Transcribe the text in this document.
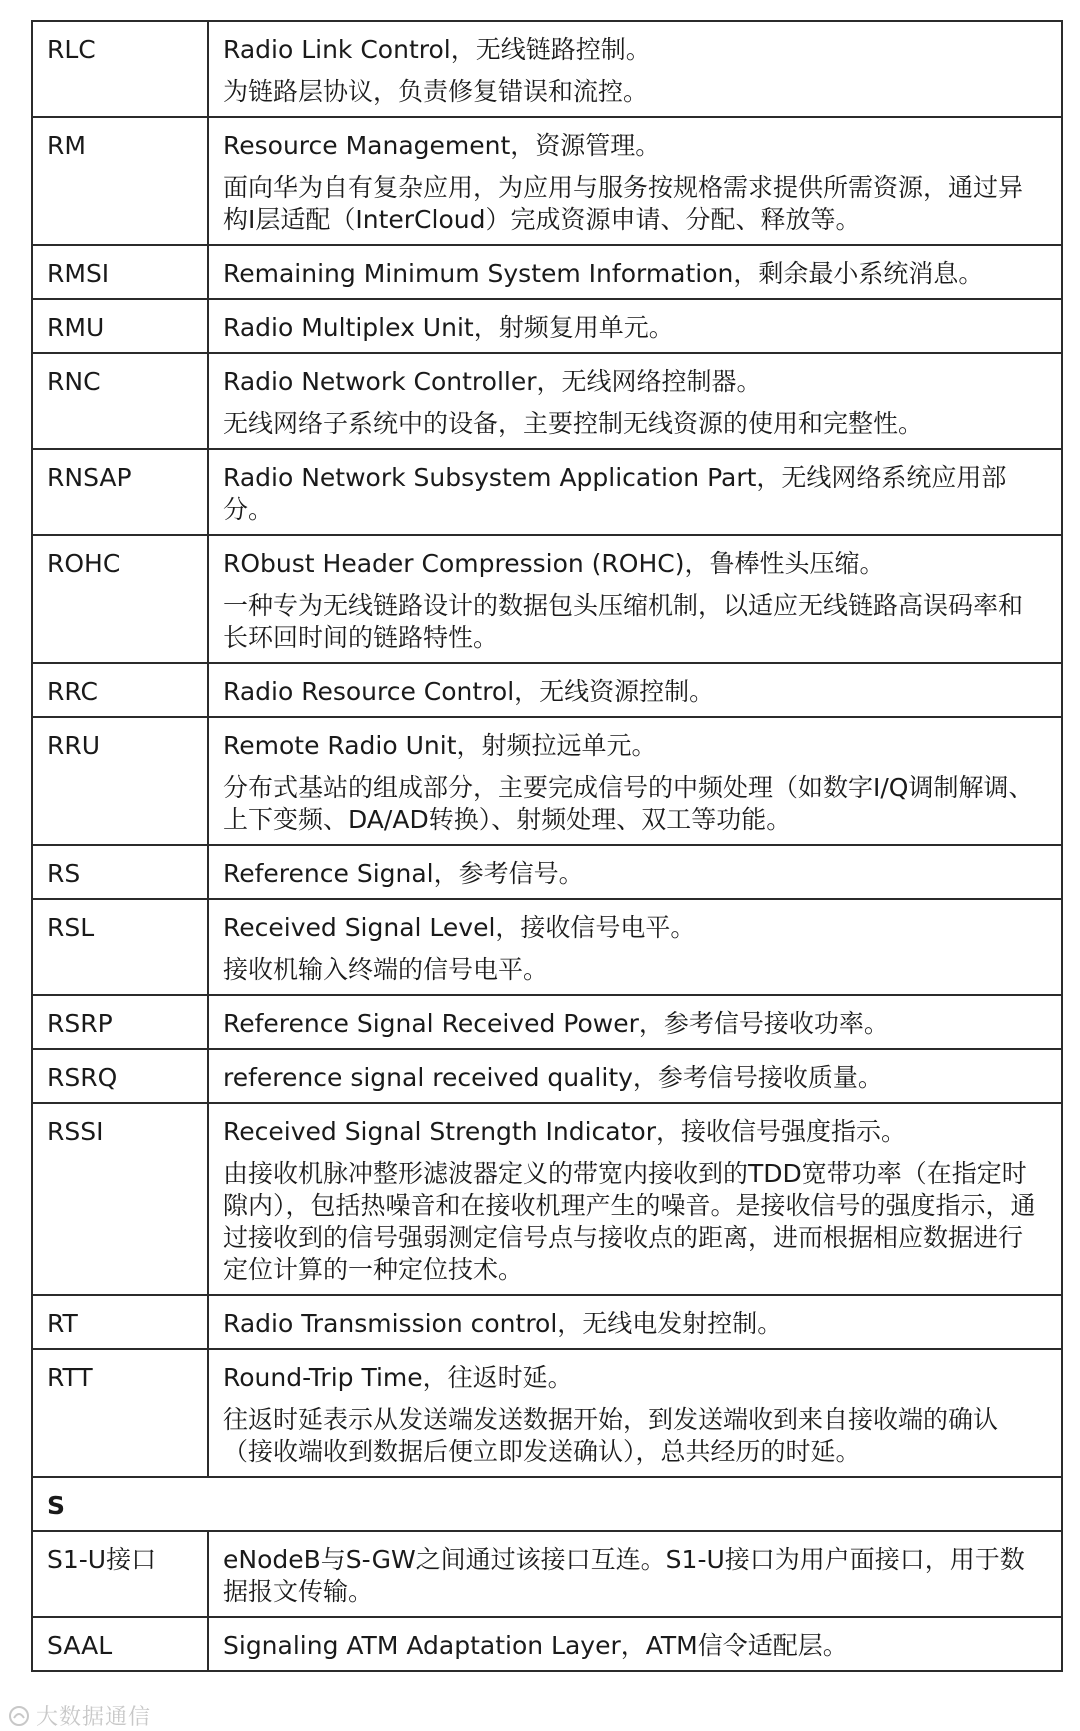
RLC	Radio Link Control，无线链路控制。

为链路层协议，负责修复错误和流控。

RM	Resource Management，资源管理。

面向华为自有复杂应用，为应用与服务按规格需求提供所需资源，通过异构I层适配（InterCloud）完成资源申请、分配、释放等。

RMSI	Remaining Minimum System Information，剩余最小系统消息。

RMU	Radio Multiplex Unit，射频复用单元。

RNC	Radio Network Controller，无线网络控制器。

无线网络子系统中的设备，主要控制无线资源的使用和完整性。

RNSAP	Radio Network Subsystem Application Part，无线网络系统应用部分。

ROHC	RObust Header Compression (ROHC)，鲁棒性头压缩。

一种专为无线链路设计的数据包头压缩机制，以适应无线链路高误码率和长环回时间的链路特性。

RRC	Radio Resource Control，无线资源控制。

RRU	Remote Radio Unit，射频拉远单元。

分布式基站的组成部分，主要完成信号的中频处理（如数字I/Q调制解调、上下变频、DA/AD转换）、射频处理、双工等功能。

RS	Reference Signal，参考信号。

RSL	Received Signal Level，接收信号电平。

接收机输入终端的信号电平。

RSRP	Reference Signal Received Power，参考信号接收功率。

RSRQ	reference signal received quality，参考信号接收质量。

RSSI	Received Signal Strength Indicator，接收信号强度指示。

由接收机脉冲整形滤波器定义的带宽内接收到的TDD宽带功率（在指定时隙内），包括热噪音和在接收机理产生的噪音。是接收信号的强度指示，通过接收到的信号强弱测定信号点与接收点的距离，进而根据相应数据进行定位计算的一种定位技术。

RT	Radio Transmission control，无线电发射控制。

RTT	Round-Trip Time，往返时延。

往返时延表示从发送端发送数据开始，到发送端收到来自接收端的确认（接收端收到数据后便立即发送确认），总共经历的时延。

S	
S1-U接口	eNodeB与S-GW之间通过该接口互连。S1-U接口为用户面接口，用于数据报文传输。

SAAL	Signaling ATM Adaptation Layer，ATM信令适配层。

大数据通信
